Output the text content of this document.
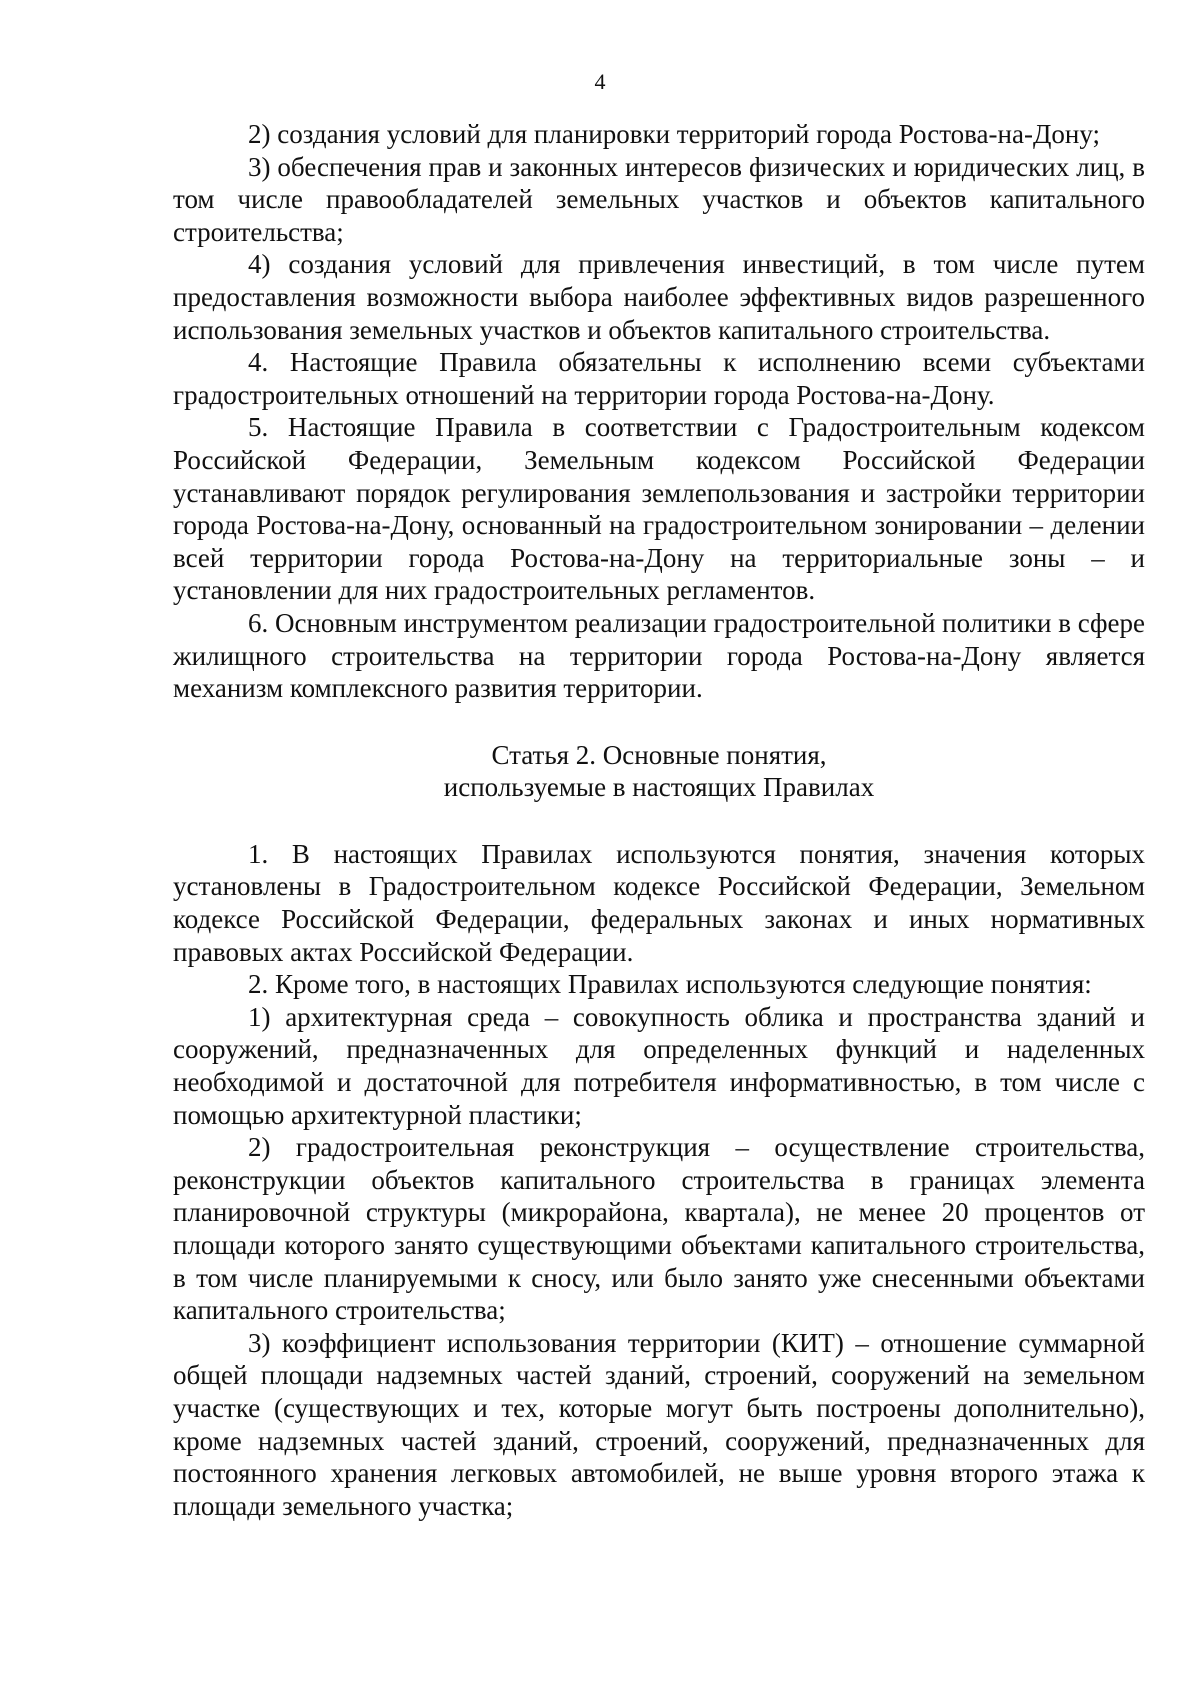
4

2) создания условий для планировки территорий города Ростова-на-Дону;

3) обеспечения прав и законных интересов физических и юридических лиц, в том числе правообладателей земельных участков и объектов капитального строительства;

4) создания условий для привлечения инвестиций, в том числе путем предоставления возможности выбора наиболее эффективных видов разрешенного использования земельных участков и объектов капитального строительства.

4. Настоящие Правила обязательны к исполнению всеми субъектами градостроительных отношений на территории города Ростова-на-Дону.

5. Настоящие Правила в соответствии с Градостроительным кодексом Российской Федерации, Земельным кодексом Российской Федерации устанавливают порядок регулирования землепользования и застройки территории города Ростова-на-Дону, основанный на градостроительном зонировании – делении всей территории города Ростова-на-Дону на территориальные зоны – и установлении для них градостроительных регламентов.

6. Основным инструментом реализации градостроительной политики в сфере жилищного строительства на территории города Ростова-на-Дону является механизм комплексного развития территории.

Статья 2. Основные понятия,

используемые в настоящих Правилах

1. В настоящих Правилах используются понятия, значения которых установлены в Градостроительном кодексе Российской Федерации, Земельном кодексе Российской Федерации, федеральных законах и иных нормативных правовых актах Российской Федерации.

2. Кроме того, в настоящих Правилах используются следующие понятия:

1) архитектурная среда – совокупность облика и пространства зданий и сооружений, предназначенных для определенных функций и наделенных необходимой и достаточной для потребителя информативностью, в том числе с помощью архитектурной пластики;

2) градостроительная реконструкция – осуществление строительства, реконструкции объектов капитального строительства в границах элемента планировочной структуры (микрорайона, квартала), не менее 20 процентов от площади которого занято существующими объектами капитального строительства, в том числе планируемыми к сносу, или было занято уже снесенными объектами капитального строительства;

3) коэффициент использования территории (КИТ) – отношение суммарной общей площади надземных частей зданий, строений, сооружений на земельном участке (существующих и тех, которые могут быть построены дополнительно), кроме надземных частей зданий, строений, сооружений, предназначенных для постоянного хранения легковых автомобилей, не выше уровня второго этажа к площади земельного участка;
